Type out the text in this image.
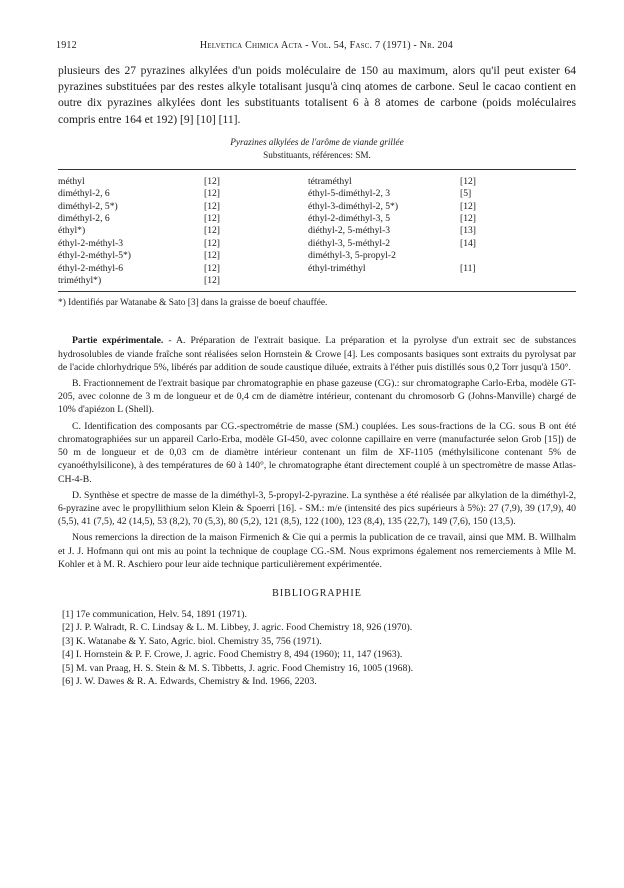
1912	Helvetica Chimica Acta - Vol. 54, Fasc. 7 (1971) - Nr. 204
plusieurs des 27 pyrazines alkylées d'un poids moléculaire de 150 au maximum, alors qu'il peut exister 64 pyrazines substituées par des restes alkyle totalisant jusqu'à cinq atomes de carbone. Seul le cacao contient en outre dix pyrazines alkylées dont les substituants totalisent 6 à 8 atomes de carbone (poids moléculaires compris entre 164 et 192) [9] [10] [11].
Pyrazines alkylées de l'arôme de viande grillée
Substituants, références: SM.
méthyl
diméthyl-2, 6
diméthyl-2, 5*)
diméthyl-2, 6
éthyl*)
éthyl-2-méthyl-3
éthyl-2-méthyl-5*)
éthyl-2-méthyl-6
triméthyl*)
[12]
[12]
[12]
[12]
[12]
[12]
[12]
[12]
[12]
tétraméthyl
éthyl-5-diméthyl-2, 3
éthyl-3-diméthyl-2, 5*)
éthyl-2-diméthyl-3, 5
diéthyl-2, 5-méthyl-3
diéthyl-3, 5-méthyl-2
diméthyl-3, 5-propyl-2
éthyl-triméthyl
[12]
[5]
[12]
[12]
[13]
[14]

[11]
*) Identifiés par Watanabe & Sato [3] dans la graisse de boeuf chauffée.

Partie expérimentale. - A. Préparation de l'extrait basique. La préparation et la pyrolyse d'un extrait sec de substances hydrosolubles de viande fraîche sont réalisées selon Hornstein & Crowe [4]. Les composants basiques sont extraits du pyrolysat par de l'acide chlorhydrique 5%, libérés par addition de soude caustique diluée, extraits à l'éther puis distillés sous 0,2 Torr jusqu'à 150°.

B. Fractionnement de l'extrait basique par chromatographie en phase gazeuse (CG).: sur chromatographe Carlo-Erba, modèle GT-205, avec colonne de 3 m de longueur et de 0,4 cm de diamètre intérieur, contenant du chromosorb G (Johns-Manville) chargé de 10% d'apiézon L (Shell).

C. Identification des composants par CG.-spectrométrie de masse (SM.) couplées. Les sous-fractions de la CG. sous B ont été chromatographiées sur un appareil Carlo-Erba, modèle GI-450, avec colonne capillaire en verre (manufacturée selon Grob [15]) de 50 m de longueur et de 0,03 cm de diamètre intérieur contenant un film de XF-1105 (méthylsilicone contenant 5% de cyanoéthylsilicone), à des températures de 60 à 140°, le chromatographe étant directement couplé à un spectromètre de masse Atlas-CH-4-B.

D. Synthèse et spectre de masse de la diméthyl-3, 5-propyl-2-pyrazine. La synthèse a été réalisée par alkylation de la diméthyl-2, 6-pyrazine avec le propyllithium selon Klein & Spoerri [16]. - SM.: m/e (intensité des pics supérieurs à 5%): 27 (7,9), 39 (17,9), 40 (5,5), 41 (7,5), 42 (14,5), 53 (8,2), 70 (5,3), 80 (5,2), 121 (8,5), 122 (100), 123 (8,4), 135 (22,7), 149 (7,6), 150 (13,5).

Nous remercions la direction de la maison Firmenich & Cie qui a permis la publication de ce travail, ainsi que MM. B. Willhalm et J. J. Hofmann qui ont mis au point la technique de couplage CG.-SM. Nous exprimons également nos remerciements à Mlle M. Kohler et à M. R. Aschiero pour leur aide technique particulièrement expérimentée.

BIBLIOGRAPHIE
[1] 17e communication, Helv. 54, 1891 (1971).
[2] J. P. Walradt, R. C. Lindsay & L. M. Libbey, J. agric. Food Chemistry 18, 926 (1970).
[3] K. Watanabe & Y. Sato, Agric. biol. Chemistry 35, 756 (1971).
[4] I. Hornstein & P. F. Crowe, J. agric. Food Chemistry 8, 494 (1960); 11, 147 (1963).
[5] M. van Praag, H. S. Stein & M. S. Tibbetts, J. agric. Food Chemistry 16, 1005 (1968).
[6] J. W. Dawes & R. A. Edwards, Chemistry & Ind. 1966, 2203.
